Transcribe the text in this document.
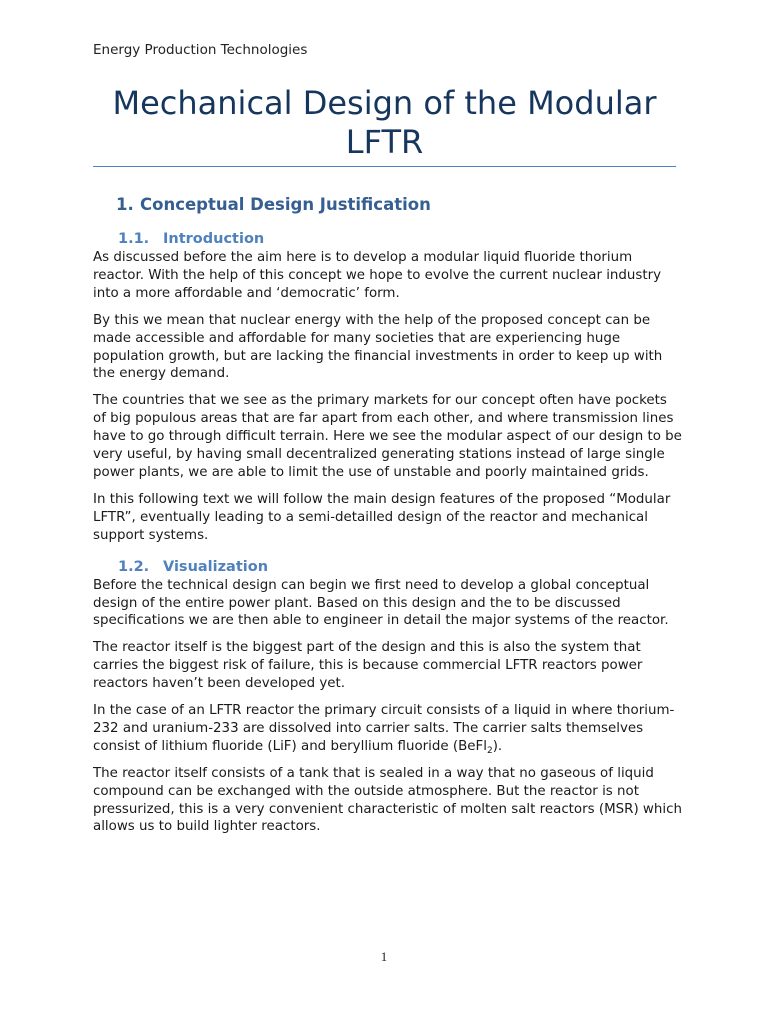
Energy Production Technologies
Mechanical Design of the Modular LFTR
1. Conceptual Design Justification
1.1. Introduction

As discussed before the aim here is to develop a modular liquid fluoride thorium reactor. With the help of this concept we hope to evolve the current nuclear industry into a more affordable and ‘democratic’ form.

By this we mean that nuclear energy with the help of the proposed concept can be made accessible and affordable for many societies that are experiencing huge population growth, but are lacking the financial investments in order to keep up with the energy demand.

The countries that we see as the primary markets for our concept often have pockets of big populous areas that are far apart from each other, and where transmission lines have to go through difficult terrain. Here we see the modular aspect of our design to be very useful, by having small decentralized generating stations instead of large single power plants, we are able to limit the use of unstable and poorly maintained grids.

In this following text we will follow the main design features of the proposed “Modular LFTR”, eventually leading to a semi-detailled design of the reactor and mechanical support systems.

1.2. Visualization

Before the technical design can begin we first need to develop a global conceptual design of the entire power plant. Based on this design and the to be discussed specifications we are then able to engineer in detail the major systems of the reactor.

The reactor itself is the biggest part of the design and this is also the system that carries the biggest risk of failure, this is because commercial LFTR reactors power reactors haven’t been developed yet.

In the case of an LFTR reactor the primary circuit consists of a liquid in where thorium-232 and uranium-233 are dissolved into carrier salts. The carrier salts themselves consist of lithium fluoride (LiF) and beryllium fluoride (BeFl$_2$).

The reactor itself consists of a tank that is sealed in a way that no gaseous of liquid compound can be exchanged with the outside atmosphere. But the reactor is not pressurized, this is a very convenient characteristic of molten salt reactors (MSR) which allows us to build lighter reactors.

1
